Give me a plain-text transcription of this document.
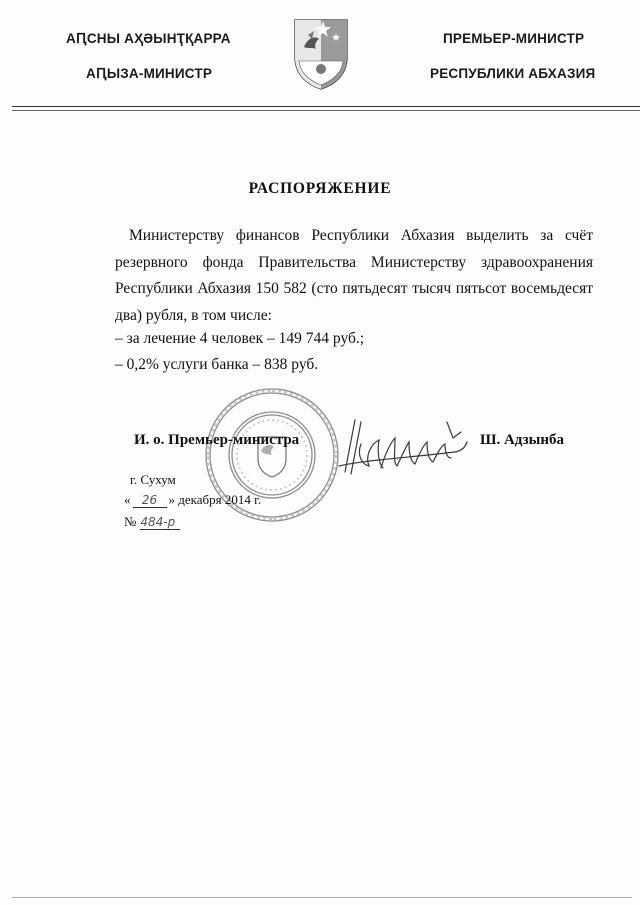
АԤСНЫ АҲӘЫНҬҚАРРА
АԤЫЗА-МИНИСТР
ПРЕМЬЕР-МИНИСТР
РЕСПУБЛИКИ АБХАЗИЯ
РАСПОРЯЖЕНИЕ

Министерству финансов Республики Абхазия выделить за счёт резервного фонда Правительства Министерству здравоохранения Республики Абхазия 150 582 (сто пятьдесят тысяч пятьсот восемьдесят два) рубля, в том числе:

– за лечение 4 человек – 149 744 руб.;
– 0,2% услуги банка – 838 руб.
И. о. Премьер-министра	Ш. Адзынба
г. Сухум
« 26 » декабря 2014 г.
№ 484-р
